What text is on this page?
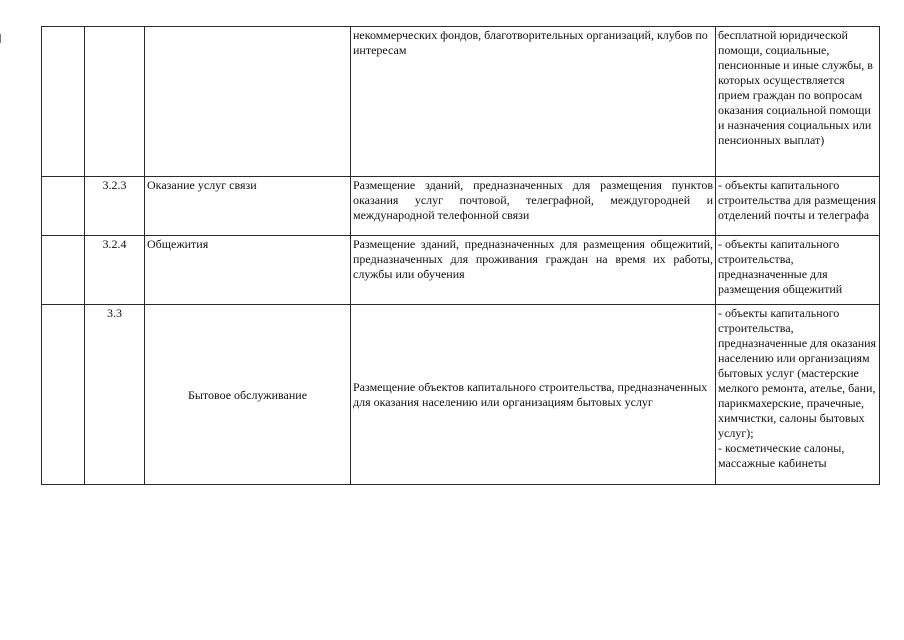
			некоммерческих фондов, благотворительных организаций, клубов по интересам	бесплатной юридической помощи, социальные, пенсионные и иные службы, в которых осуществляется прием граждан по вопросам оказания социальной помощи и назначения социальных или пенсионных выплат)
	3.2.3	Оказание услуг связи	Размещение зданий, предназначенных для размещения пунктов оказания услуг почтовой, телеграфной, междугородней и международной телефонной связи	- объекты капитального строительства для размещения отделений почты и телеграфа
	3.2.4	Общежития	Размещение зданий, предназначенных для размещения общежитий, предназначенных для проживания граждан на время их работы, службы или обучения	- объекты капитального строительства, предназначенные для размещения общежитий
	3.3	Бытовое обслуживание	Размещение объектов капитального строительства, предназначенных для оказания населению или организациям бытовых услуг	- объекты капитального строительства, предназначенные для оказания населению или организациям бытовых услуг (мастерские мелкого ремонта, ателье, бани, парикмахерские, прачечные, химчистки, салоны бытовых услуг);
- косметические салоны, массажные кабинеты
